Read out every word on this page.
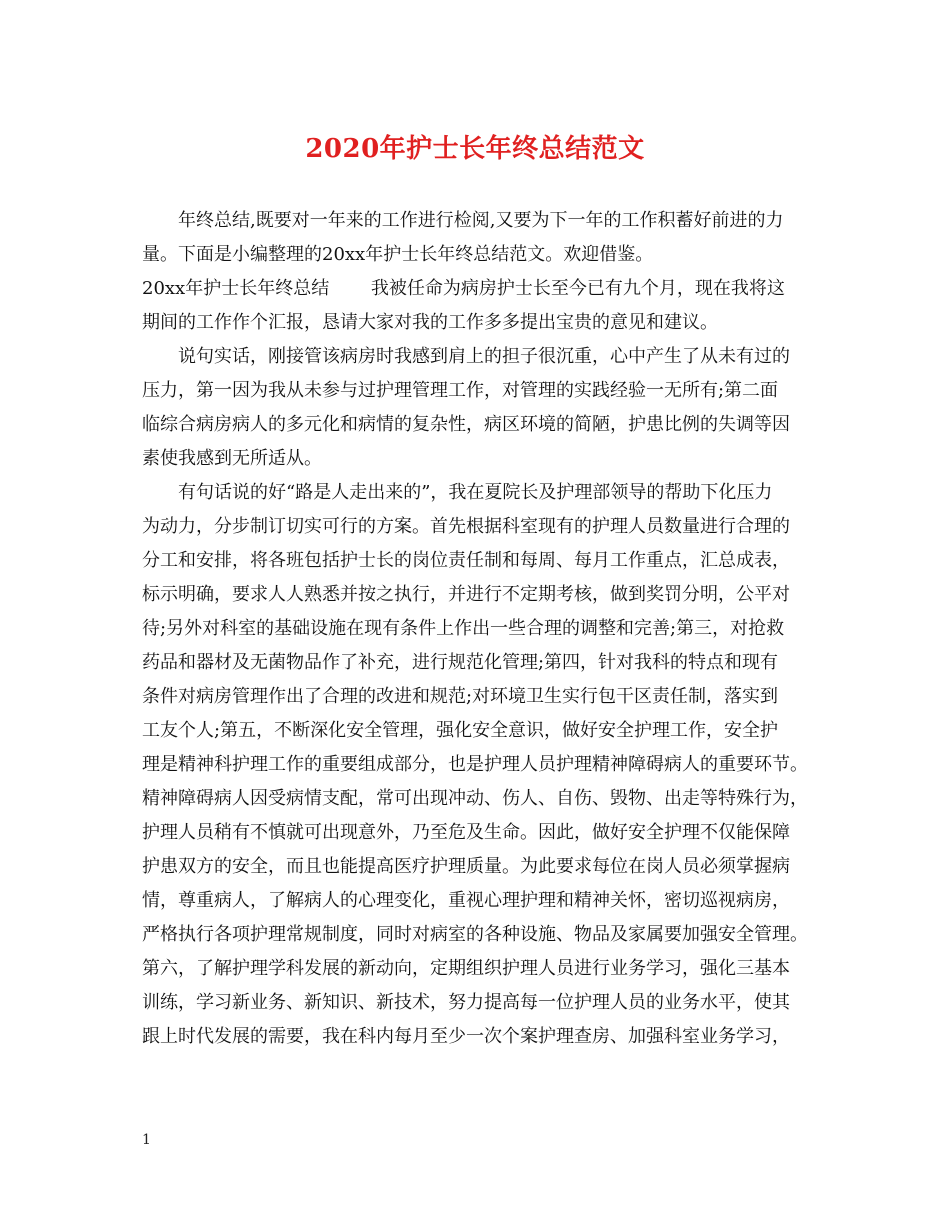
2020年护士长年终总结范文
年终总结,既要对一年来的工作进行检阅,又要为下一年的工作积蓄好前进的力
量。下面是小编整理的20xx年护士长年终总结范文。欢迎借鉴。
20xx年护士长年终总结　　 我被任命为病房护士长至今已有九个月，现在我将这
期间的工作作个汇报，恳请大家对我的工作多多提出宝贵的意见和建议。
说句实话，刚接管该病房时我感到肩上的担子很沉重，心中产生了从未有过的
压力，第一因为我从未参与过护理管理工作，对管理的实践经验一无所有;第二面
临综合病房病人的多元化和病情的复杂性，病区环境的简陋，护患比例的失调等因
素使我感到无所适从。
有句话说的好“路是人走出来的”，我在夏院长及护理部领导的帮助下化压力
为动力，分步制订切实可行的方案。首先根据科室现有的护理人员数量进行合理的
分工和安排，将各班包括护士长的岗位责任制和每周、每月工作重点，汇总成表，
标示明确，要求人人熟悉并按之执行，并进行不定期考核，做到奖罚分明，公平对
待;另外对科室的基础设施在现有条件上作出一些合理的调整和完善;第三，对抢救
药品和器材及无菌物品作了补充，进行规范化管理;第四，针对我科的特点和现有
条件对病房管理作出了合理的改进和规范;对环境卫生实行包干区责任制，落实到
工友个人;第五，不断深化安全管理，强化安全意识，做好安全护理工作，安全护
理是精神科护理工作的重要组成部分，也是护理人员护理精神障碍病人的重要环节。
精神障碍病人因受病情支配，常可出现冲动、伤人、自伤、毁物、出走等特殊行为，
护理人员稍有不慎就可出现意外，乃至危及生命。因此，做好安全护理不仅能保障
护患双方的安全，而且也能提高医疗护理质量。为此要求每位在岗人员必须掌握病
情，尊重病人，了解病人的心理变化，重视心理护理和精神关怀，密切巡视病房，
严格执行各项护理常规制度，同时对病室的各种设施、物品及家属要加强安全管理。
第六，了解护理学科发展的新动向，定期组织护理人员进行业务学习，强化三基本
训练，学习新业务、新知识、新技术，努力提高每一位护理人员的业务水平，使其
跟上时代发展的需要，我在科内每月至少一次个案护理查房、加强科室业务学习，
1
